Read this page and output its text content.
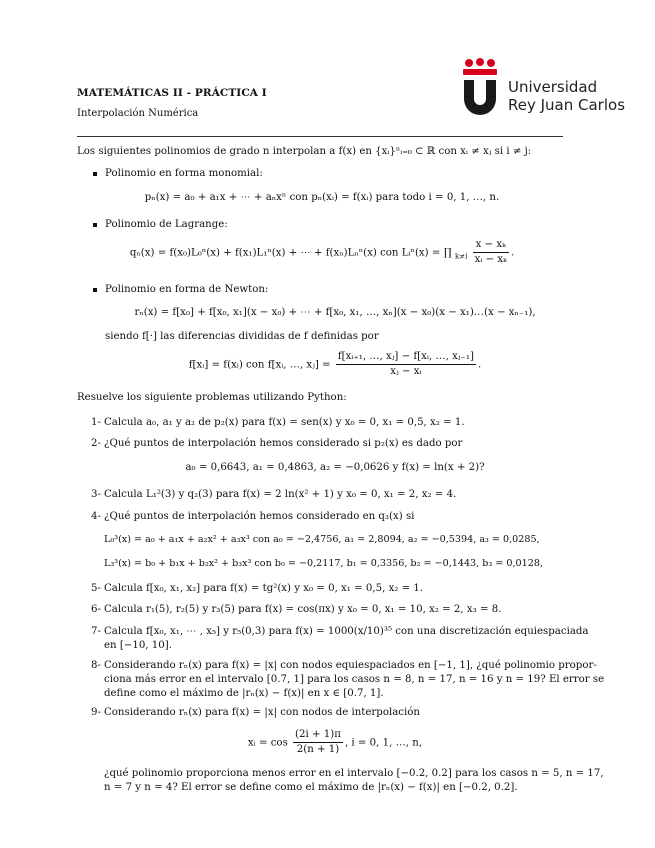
MATEMÁTICAS II - PRÁCTICA I
Interpolación Numérica
Universidad
Rey Juan Carlos
Los siguientes polinomios de grado n interpolan a f(x) en {xᵢ}ⁿᵢ₌₀ ⊂ ℝ con xᵢ ≠ xⱼ si i ≠ j:
Polinomio en forma monomial:
pₙ(x) = a₀ + a₁x + ⋯ + aₙxⁿ con pₙ(xᵢ) = f(xᵢ) para todo i = 0, 1, …, n.
Polinomio de Lagrange:
qₙ(x) = f(x₀)L₀ⁿ(x) + f(x₁)L₁ⁿ(x) + ⋯ + f(xₙ)Lₙⁿ(x) con Lᵢⁿ(x) = ∏ $_{k\ne i} \frac{\text{x − xₖ}}{\text{xᵢ − xₖ}}$ .
Polinomio en forma de Newton:
rₙ(x) = f[x₀] + f[x₀, x₁](x − x₀) + ⋯ + f[x₀, x₁, …, xₙ](x − x₀)(x − x₁)…(x − xₙ₋₁),
siendo f[·] las diferencias divididas de f definidas por
f[xᵢ] = f(xᵢ) con f[xᵢ, …, xⱼ] = $\frac{\text{f[xᵢ₊₁, …, xⱼ] − f[xᵢ, …, xⱼ₋₁]}}{\text{xⱼ − xᵢ}}$ .
Resuelve los siguiente problemas utilizando Python:
1- Calcula a₀, a₁ y a₂ de p₂(x) para f(x) = sen(x) y x₀ = 0, x₁ = 0,5, x₂ = 1.
2- ¿Qué puntos de interpolación hemos considerado si p₂(x) es dado por
a₀ = 0,6643, a₁ = 0,4863, a₂ = −0,0626 y f(x) = ln(x + 2)?
3- Calcula L₁²(3) y q₂(3) para f(x) = 2 ln(x² + 1) y x₀ = 0, x₁ = 2, x₂ = 4.
4- ¿Qué puntos de interpolación hemos considerado en q₃(x) si
L₀³(x) = a₀ + a₁x + a₂x² + a₃x³ con a₀ = −2,4756, a₁ = 2,8094, a₂ = −0,5394, a₃ = 0,0285,
L₃³(x) = b₀ + b₁x + b₂x² + b₃x³ con b₀ = −0,2117, b₁ = 0,3356, b₂ = −0,1443, b₃ = 0,0128,
5- Calcula f[x₀, x₁, x₂] para f(x) = tg²(x) y x₀ = 0, x₁ = 0,5, x₂ = 1.
6- Calcula r₁(5), r₂(5) y r₃(5) para f(x) = cos(πx) y x₀ = 0, x₁ = 10, x₂ = 2, x₃ = 8.
7- Calcula f[x₀, x₁, ⋯ , x₅] y r₅(0,3) para f(x) = 1000(x/10)³⁵ con una discretización equiespaciada
en [−10, 10].
8- Considerando rₙ(x) para f(x) = |x| con nodos equiespaciados en [−1, 1], ¿qué polinomio propor-
ciona más error en el intervalo [0.7, 1] para los casos n = 8, n = 17, n = 16 y n = 19? El error se
define como el máximo de |rₙ(x) − f(x)| en x ∈ [0.7, 1].
9- Considerando rₙ(x) para f(x) = |x| con nodos de interpolación
xᵢ = $\cos \frac{(2i + 1)\pi}{2(n + 1)}$ , i = 0, 1, …, n,
¿qué polinomio proporciona menos error en el intervalo [−0.2, 0.2] para los casos n = 5, n = 17,
n = 7 y n = 4? El error se define como el máximo de |rₙ(x) − f(x)| en [−0.2, 0.2].
